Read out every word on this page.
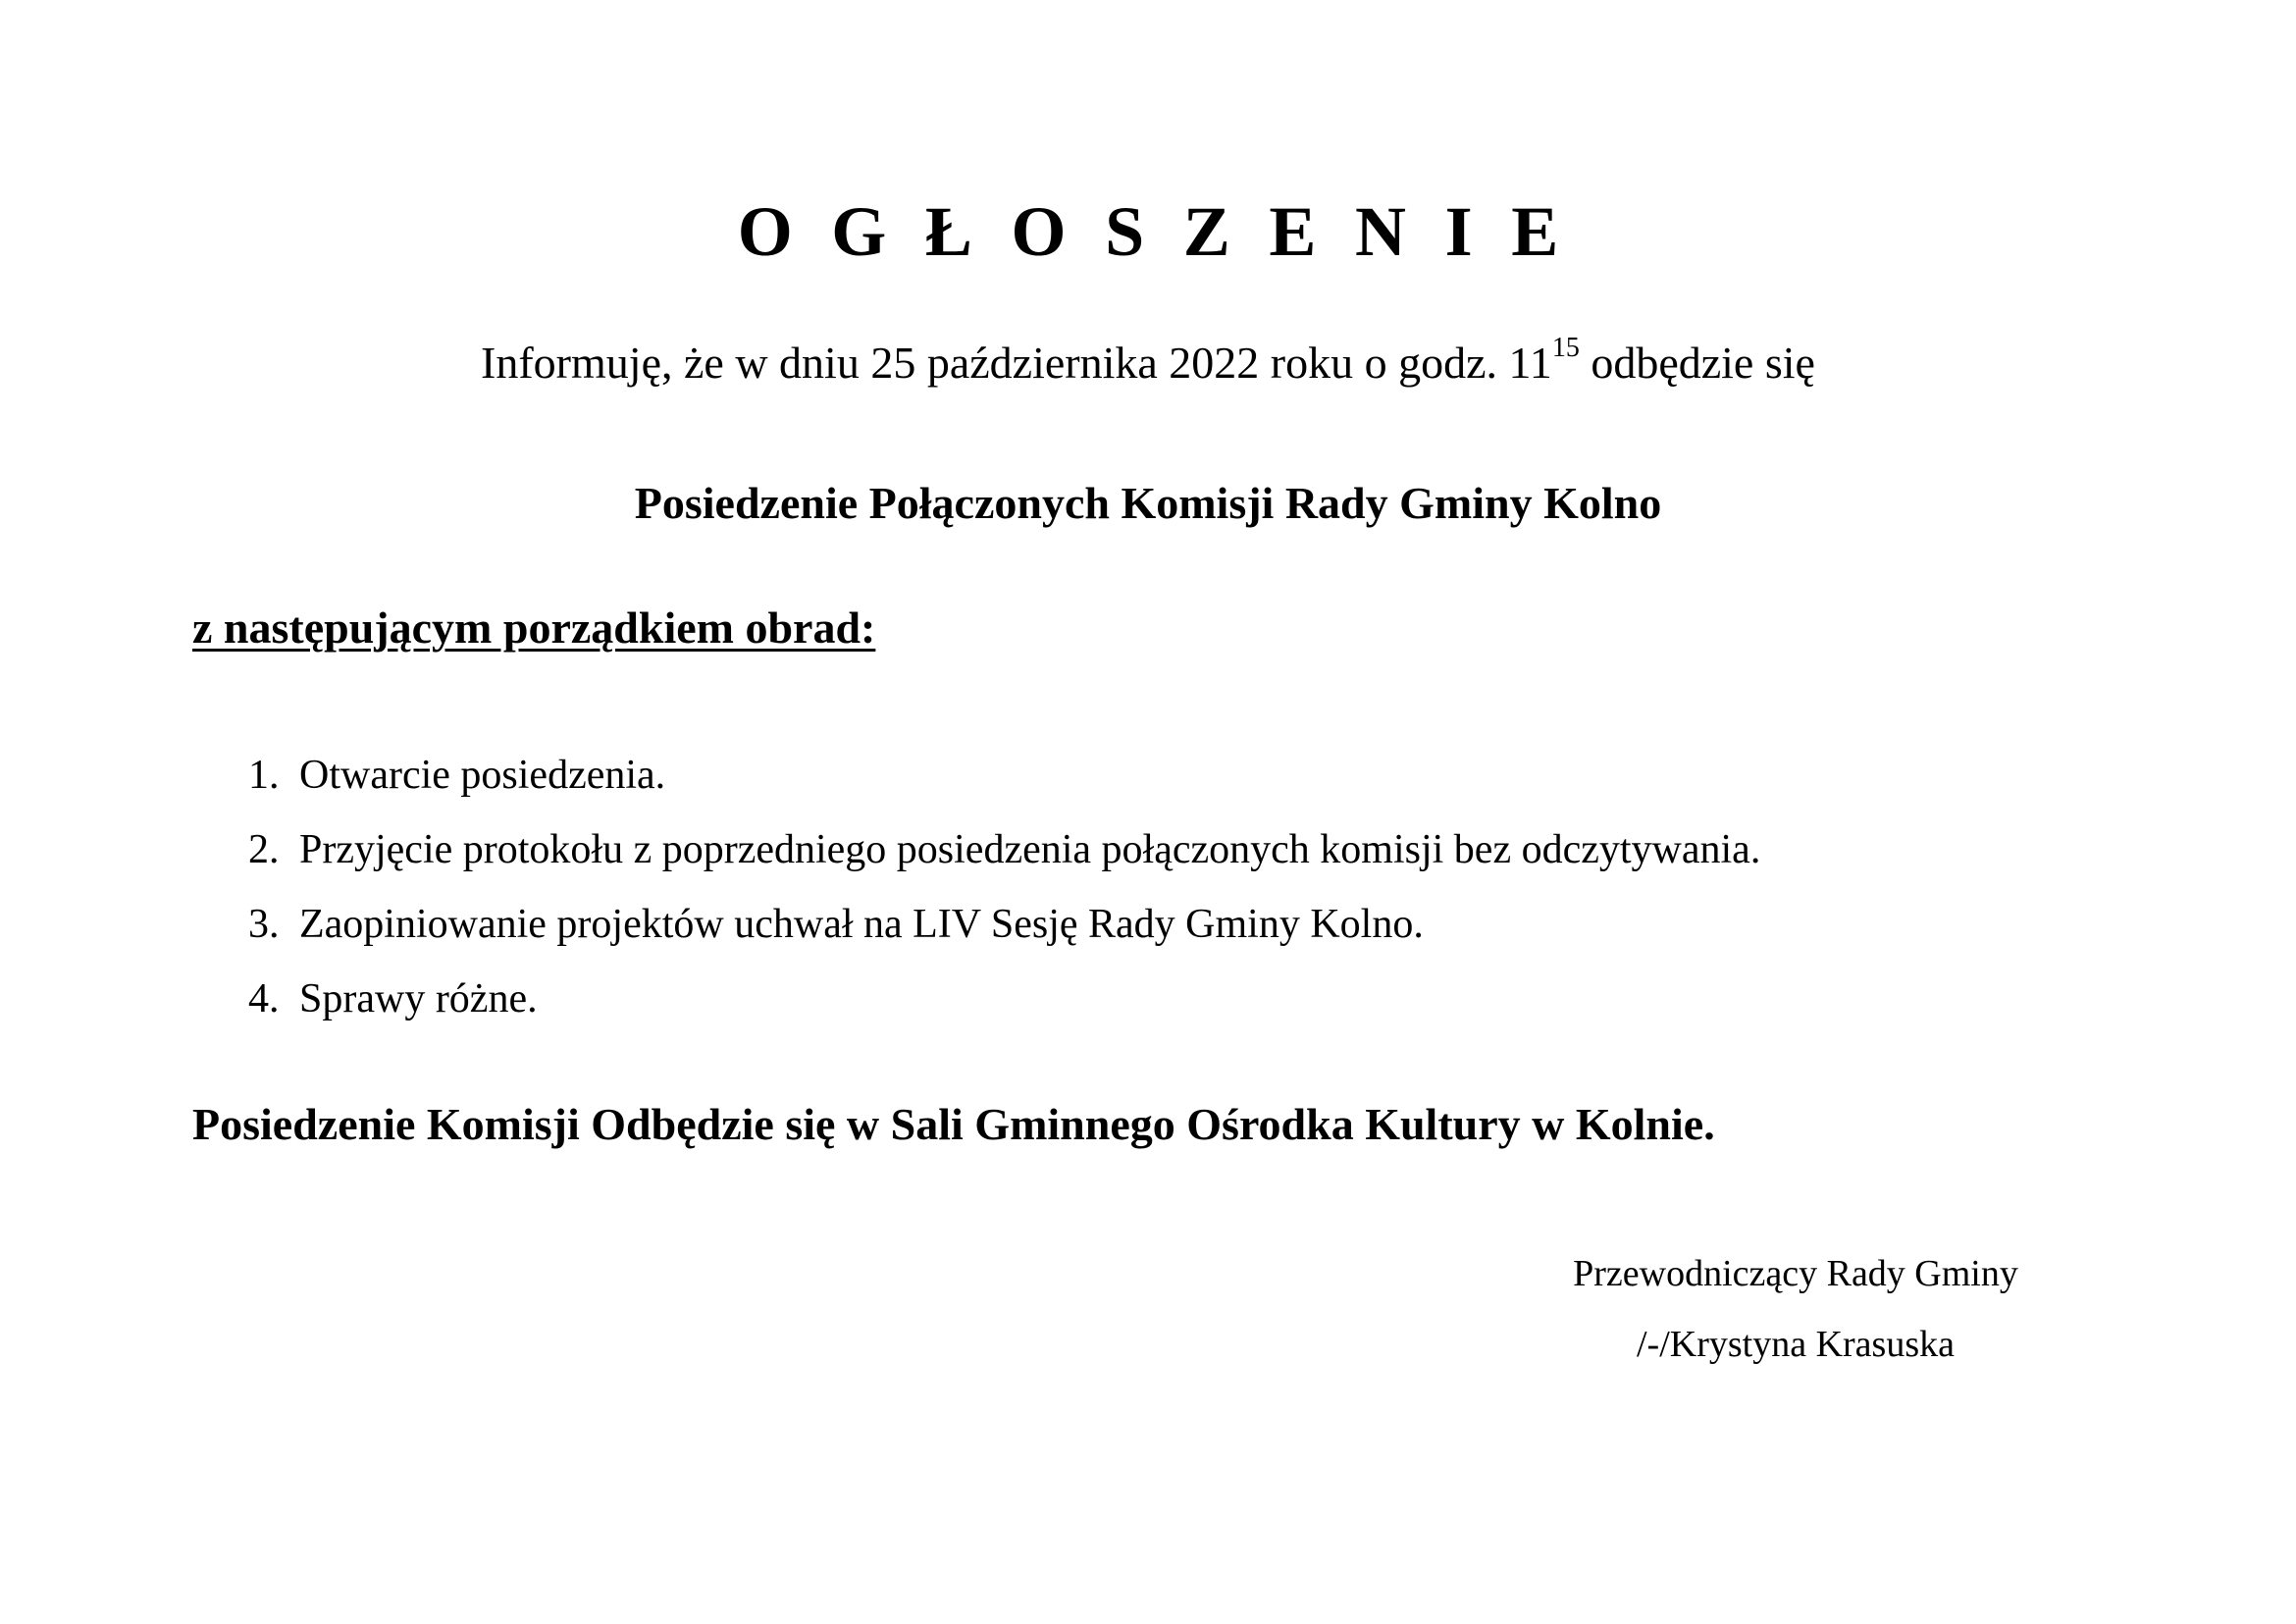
OGŁOSZENIE
Informuję, że w dniu 25 października 2022 roku o godz. $11^{15}$ odbędzie się
Posiedzenie Połączonych Komisji Rady Gminy Kolno
z następującym porządkiem obrad:
1. Otwarcie posiedzenia.
2. Przyjęcie protokołu z poprzedniego posiedzenia połączonych komisji bez odczytywania.
3. Zaopiniowanie projektów uchwał na LIV Sesję Rady Gminy Kolno.
4. Sprawy różne.
Posiedzenie Komisji Odbędzie się w Sali Gminnego Ośrodka Kultury w Kolnie.
Przewodniczący Rady Gminy
/-/Krystyna Krasuska
